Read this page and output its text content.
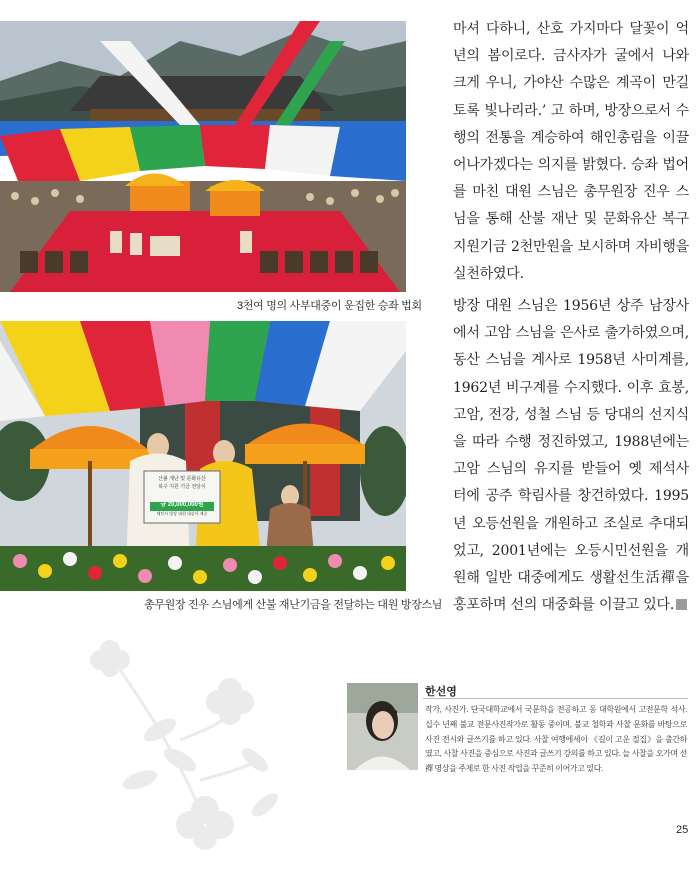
3천여 명의 사부대중이 운집한 승좌 법회
산불 재난 및 문화유산
복구 지원 기금 전달식
금 20,000,000원
해인사 방장 대원 대종사 제공
총무원장 진우 스님에게 산불 재난기금을 전달하는 대원 방장스님

마셔 다하니, 산호 가지마다 달꽃이 억년의 봄이로다. 금사자가 굴에서 나와 크게 우니, 가야산 수많은 계곡이 만길 토록 빛나리라.’ 고 하며, 방장으로서 수행의 전통을 계승하여 해인총림을 이끌어나가겠다는 의지를 밝혔다. 승좌 법어를 마친 대원 스님은 총무원장 진우 스님을 통해 산불 재난 및 문화유산 복구 지원기금 2천만원을 보시하며 자비행을 실천하였다.

방장 대원 스님은 1956년 상주 남장사에서 고암 스님을 은사로 출가하였으며, 동산 스님을 계사로 1958년 사미계를, 1962년 비구계를 수지했다. 이후 효봉, 고암, 전강, 성철 스님 등 당대의 선지식을 따라 수행 정진하였고, 1988년에는 고암 스님의 유지를 받들어 옛 제석사 터에 공주 학림사를 창건하였다. 1995년 오등선원을 개원하고 조실로 추대되었고, 2001년에는 오등시민선원을 개원해 일반 대중에게도 생활선生活禪을 홍포하며 선의 대중화를 이끌고 있다.

한선영
작가, 사진가. 단국대학교에서 국문학을 전공하고 동 대학원에서 고전문학 석사. 십수 년째 불교 전문사진작가로 활동 중이며, 불교 철학과 사찰 문화를 바탕으로 사진 전시와 글쓰기를 하고 있다. 사찰 여행에세이 《길이 고운 절집》을 출간하였고, 사찰 사진을 중심으로 사진과 글쓰기 강의를 하고 있다. 늘 사찰을 오가며 선禪 명상을 주제로 한 사진 작업을 꾸준히 이어가고 있다.
25
